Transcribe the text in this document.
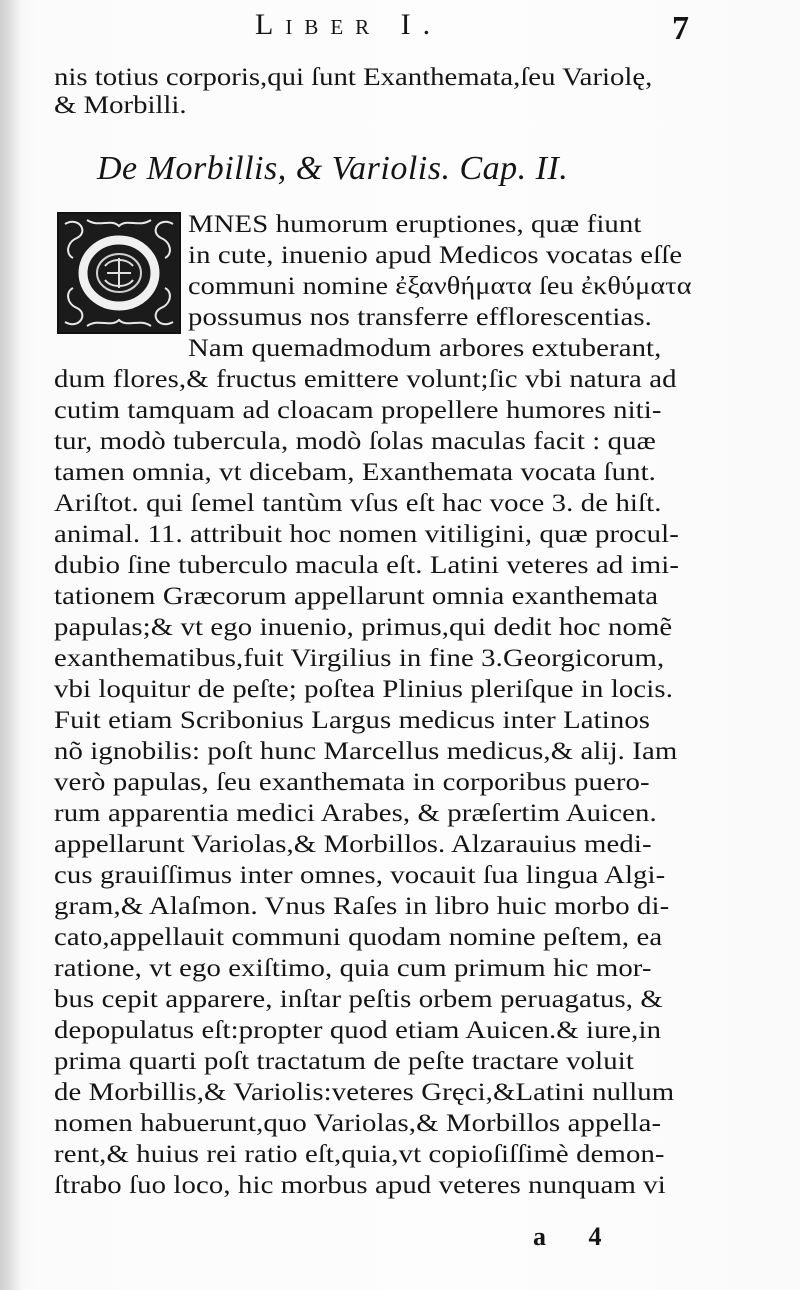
Liber I.	7
nis totius corporis,qui ſunt Exanthemata,ſeu Variolę,
& Morbilli.
De Morbillis, & Variolis. Cap. II.
MNES humorum eruptiones, quæ fiunt
in cute, inuenio apud Medicos vocatas eſſe
communi nomine ἐξανθήματα ſeu ἐκθύματα
possumus nos transferre efflorescentias.
Nam quemadmodum arbores extuberant,
dum flores,& fructus emittere volunt;ſic vbi natura ad
cutim tamquam ad cloacam propellere humores niti-
tur, modò tubercula, modò ſolas maculas facit : quæ
tamen omnia, vt dicebam, Exanthemata vocata ſunt.
Ariſtot. qui ſemel tantùm vſus eſt hac voce 3. de hiſt.
animal. 11. attribuit hoc nomen vitiligini, quæ procul-
dubio ſine tuberculo macula eſt. Latini veteres ad imi-
tationem Græcorum appellarunt omnia exanthemata
papulas;& vt ego inuenio, primus,qui dedit hoc nomẽ
exanthematibus,fuit Virgilius in fine 3.Georgicorum,
vbi loquitur de peſte; poſtea Plinius pleriſque in locis.
Fuit etiam Scribonius Largus medicus inter Latinos
nõ ignobilis: poſt hunc Marcellus medicus,& alij. Iam
verò papulas, ſeu exanthemata in corporibus puero-
rum apparentia medici Arabes, & præſertim Auicen.
appellarunt Variolas,& Morbillos. Alzarauius medi-
cus grauiſſimus inter omnes, vocauit ſua lingua Algi-
gram,& Alaſmon. Vnus Raſes in libro huic morbo di-
cato,appellauit communi quodam nomine peſtem, ea
ratione, vt ego exiſtimo, quia cum primum hic mor-
bus cepit apparere, inſtar peſtis orbem peruagatus, &
depopulatus eſt:propter quod etiam Auicen.& iure,in
prima quarti poſt tractatum de peſte tractare voluit
de Morbillis,& Variolis:veteres Gręci,&Latini nullum
nomen habuerunt,quo Variolas,& Morbillos appella-
rent,& huius rei ratio eſt,quia,vt copioſiſſimè demon-
ſtrabo ſuo loco, hic morbus apud veteres nunquam vi
a 4
